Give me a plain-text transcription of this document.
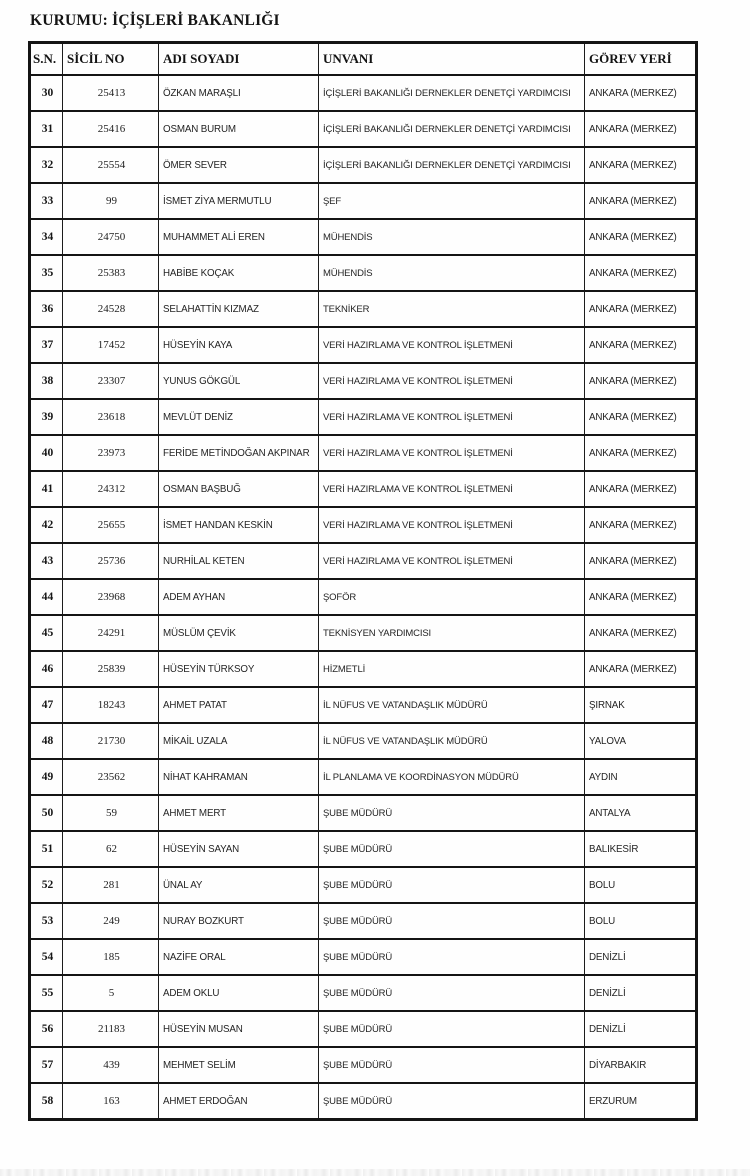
KURUMU: İÇİŞLERİ BAKANLIĞI
S.N.	SİCİL NO	ADI SOYADI	UNVANI	GÖREV YERİ
30	25413	ÖZKAN MARAŞLI	İÇİŞLERİ BAKANLIĞI DERNEKLER DENETÇİ YARDIMCISI	ANKARA (MERKEZ)
31	25416	OSMAN BURUM	İÇİŞLERİ BAKANLIĞI DERNEKLER DENETÇİ YARDIMCISI	ANKARA (MERKEZ)
32	25554	ÖMER SEVER	İÇİŞLERİ BAKANLIĞI DERNEKLER DENETÇİ YARDIMCISI	ANKARA (MERKEZ)
33	99	İSMET ZİYA MERMUTLU	ŞEF	ANKARA (MERKEZ)
34	24750	MUHAMMET ALİ EREN	MÜHENDİS	ANKARA (MERKEZ)
35	25383	HABİBE KOÇAK	MÜHENDİS	ANKARA (MERKEZ)
36	24528	SELAHATTİN KIZMAZ	TEKNİKER	ANKARA (MERKEZ)
37	17452	HÜSEYİN KAYA	VERİ HAZIRLAMA VE KONTROL İŞLETMENİ	ANKARA (MERKEZ)
38	23307	YUNUS GÖKGÜL	VERİ HAZIRLAMA VE KONTROL İŞLETMENİ	ANKARA (MERKEZ)
39	23618	MEVLÜT DENİZ	VERİ HAZIRLAMA VE KONTROL İŞLETMENİ	ANKARA (MERKEZ)
40	23973	FERİDE METİNDOĞAN AKPINAR	VERİ HAZIRLAMA VE KONTROL İŞLETMENİ	ANKARA (MERKEZ)
41	24312	OSMAN BAŞBUĞ	VERİ HAZIRLAMA VE KONTROL İŞLETMENİ	ANKARA (MERKEZ)
42	25655	İSMET HANDAN KESKİN	VERİ HAZIRLAMA VE KONTROL İŞLETMENİ	ANKARA (MERKEZ)
43	25736	NURHİLAL KETEN	VERİ HAZIRLAMA VE KONTROL İŞLETMENİ	ANKARA (MERKEZ)
44	23968	ADEM AYHAN	ŞOFÖR	ANKARA (MERKEZ)
45	24291	MÜSLÜM ÇEVİK	TEKNİSYEN YARDIMCISI	ANKARA (MERKEZ)
46	25839	HÜSEYİN TÜRKSOY	HİZMETLİ	ANKARA (MERKEZ)
47	18243	AHMET PATAT	İL NÜFUS VE VATANDAŞLIK MÜDÜRÜ	ŞIRNAK
48	21730	MİKAİL UZALA	İL NÜFUS VE VATANDAŞLIK MÜDÜRÜ	YALOVA
49	23562	NİHAT KAHRAMAN	İL PLANLAMA VE KOORDİNASYON MÜDÜRÜ	AYDIN
50	59	AHMET MERT	ŞUBE MÜDÜRÜ	ANTALYA
51	62	HÜSEYİN SAYAN	ŞUBE MÜDÜRÜ	BALIKESİR
52	281	ÜNAL AY	ŞUBE MÜDÜRÜ	BOLU
53	249	NURAY BOZKURT	ŞUBE MÜDÜRÜ	BOLU
54	185	NAZİFE ORAL	ŞUBE MÜDÜRÜ	DENİZLİ
55	5	ADEM OKLU	ŞUBE MÜDÜRÜ	DENİZLİ
56	21183	HÜSEYİN MUSAN	ŞUBE MÜDÜRÜ	DENİZLİ
57	439	MEHMET SELİM	ŞUBE MÜDÜRÜ	DİYARBAKIR
58	163	AHMET ERDOĞAN	ŞUBE MÜDÜRÜ	ERZURUM
